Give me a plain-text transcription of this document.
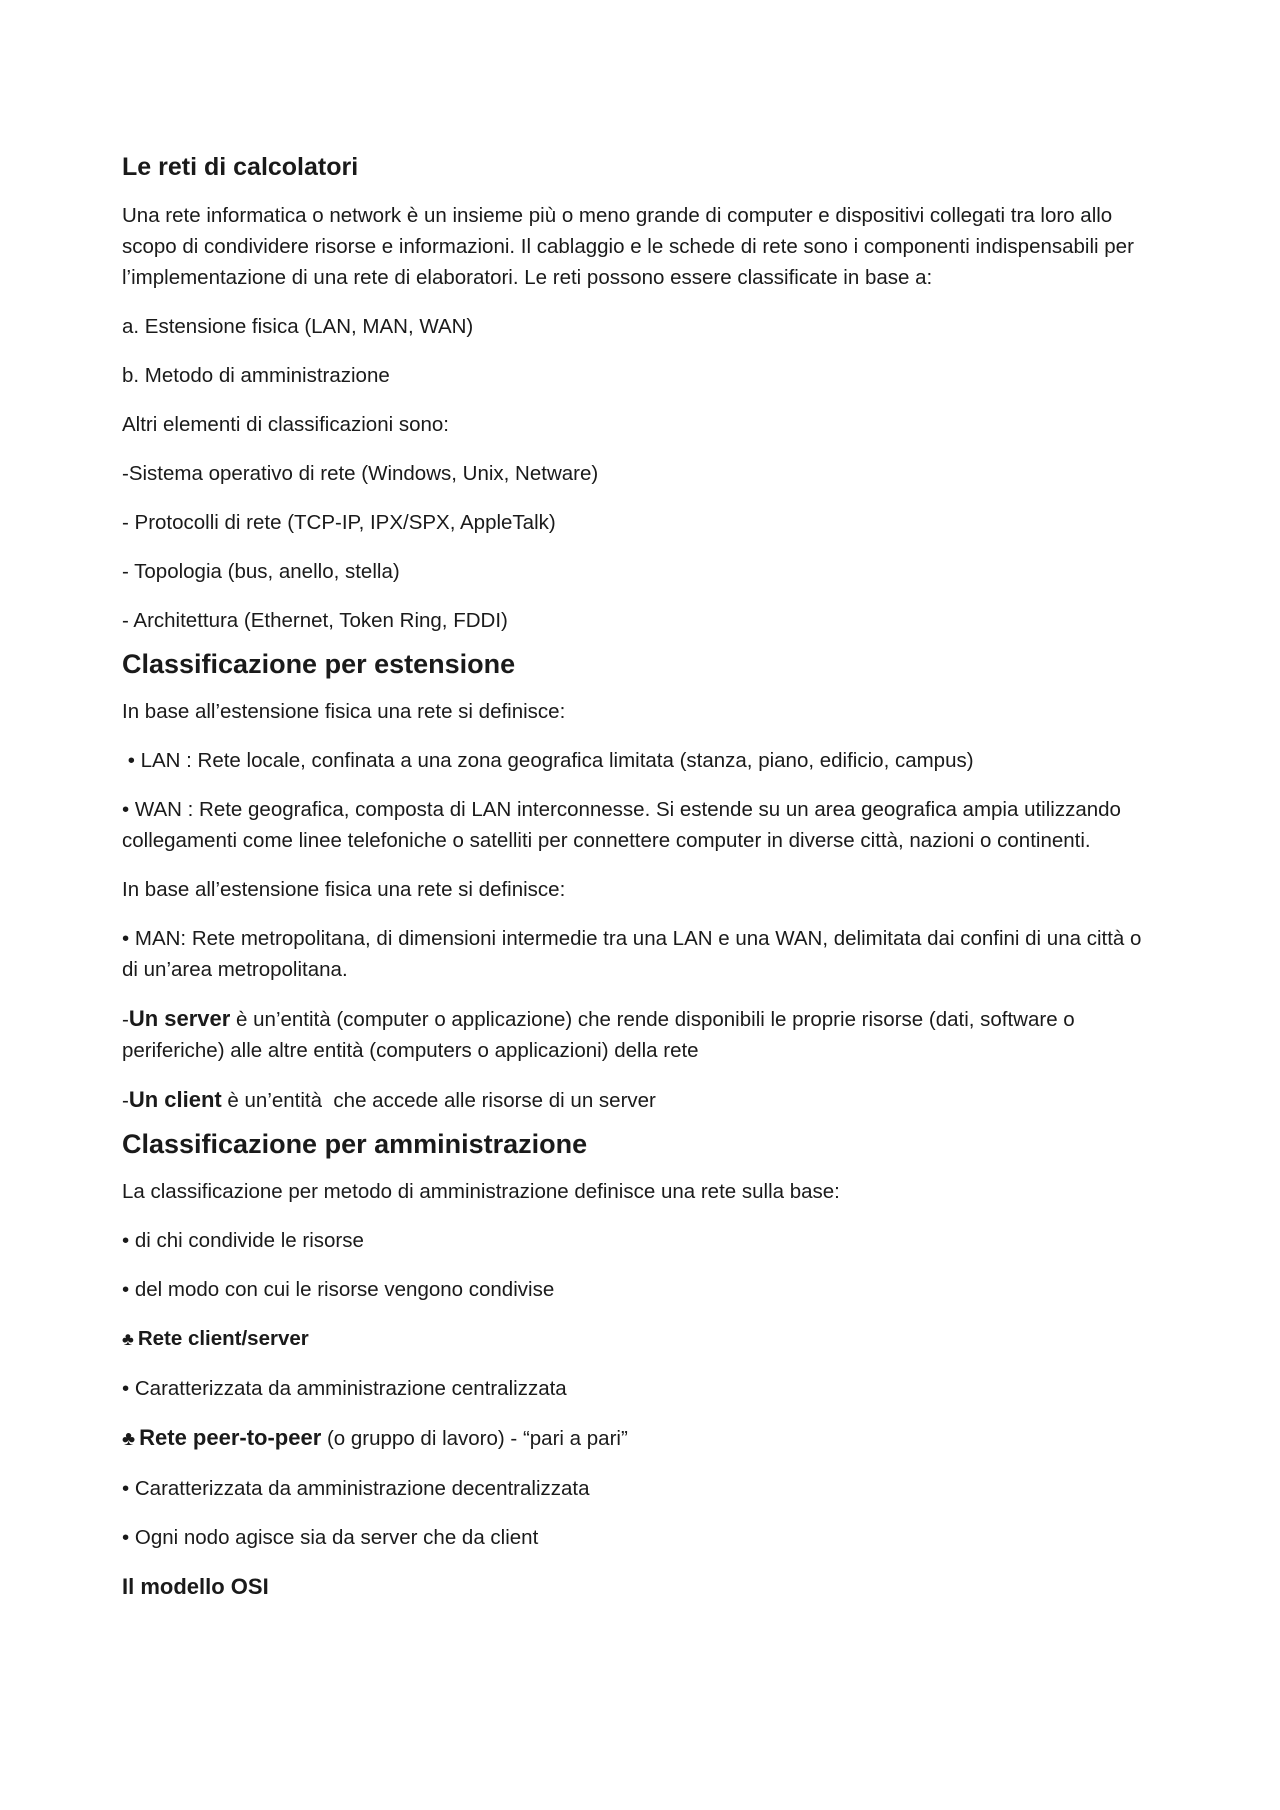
Le reti di calcolatori

Una rete informatica o network è un insieme più o meno grande di computer e dispositivi collegati tra loro allo scopo di condividere risorse e informazioni. Il cablaggio e le schede di rete sono i componenti indispensabili per l’implementazione di una rete di elaboratori. Le reti possono essere classificate in base a:

a. Estensione fisica (LAN, MAN, WAN)

b. Metodo di amministrazione

Altri elementi di classificazioni sono:

-Sistema operativo di rete (Windows, Unix, Netware)

- Protocolli di rete (TCP-IP, IPX/SPX, AppleTalk)

- Topologia (bus, anello, stella)

- Architettura (Ethernet, Token Ring, FDDI)

Classificazione per estensione

In base all’estensione fisica una rete si definisce:

• LAN : Rete locale, confinata a una zona geografica limitata (stanza, piano, edificio, campus)

• WAN : Rete geografica, composta di LAN interconnesse. Si estende su un area geografica ampia utilizzando collegamenti come linee telefoniche o satelliti per connettere computer in diverse città, nazioni o continenti.

In base all’estensione fisica una rete si definisce:

• MAN: Rete metropolitana, di dimensioni intermedie tra una LAN e una WAN, delimitata dai confini di una città o di un’area metropolitana.

-Un server è un’entità (computer o applicazione) che rende disponibili le proprie risorse (dati, software o periferiche) alle altre entità (computers o applicazioni) della rete

-Un client è un’entità  che accede alle risorse di un server

Classificazione per amministrazione

La classificazione per metodo di amministrazione definisce una rete sulla base:

• di chi condivide le risorse

• del modo con cui le risorse vengono condivise

♣ Rete client/server

• Caratterizzata da amministrazione centralizzata

♣ Rete peer-to-peer (o gruppo di lavoro) - “pari a pari”

• Caratterizzata da amministrazione decentralizzata

• Ogni nodo agisce sia da server che da client

Il modello OSI
